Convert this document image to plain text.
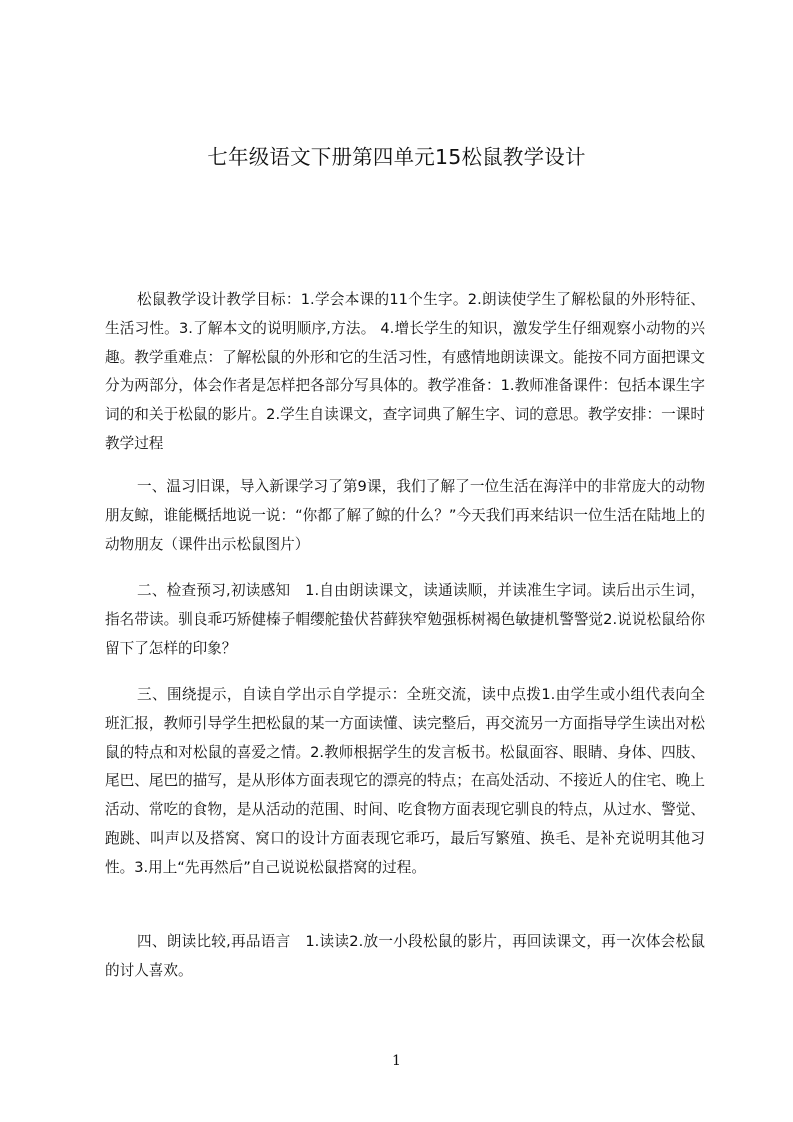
七年级语文下册第四单元15松鼠教学设计

松鼠教学设计教学目标：1.学会本课的11个生字。2.朗读使学生了解松鼠的外形特征、生活习性。3.了解本文的说明顺序,方法。 4.增长学生的知识，激发学生仔细观察小动物的兴趣。教学重难点：了解松鼠的外形和它的生活习性，有感情地朗读课文。能按不同方面把课文分为两部分，体会作者是怎样把各部分写具体的。教学准备：1.教师准备课件：包括本课生字词的和关于松鼠的影片。2.学生自读课文，查字词典了解生字、词的意思。教学安排：一课时教学过程

一、温习旧课，导入新课学习了第9课，我们了解了一位生活在海洋中的非常庞大的动物朋友鲸，谁能概括地说一说：“你都了解了鲸的什么？”今天我们再来结识一位生活在陆地上的动物朋友（课件出示松鼠图片）

二、检查预习,初读感知　1.自由朗读课文，读通读顺，并读准生字词。读后出示生词，指名带读。驯良乖巧矫健榛子帽缨舵蛰伏苔藓狭窄勉强栎树褐色敏捷机警警觉2.说说松鼠给你留下了怎样的印象？

三、围绕提示，自读自学出示自学提示：全班交流，读中点拨1.由学生或小组代表向全班汇报，教师引导学生把松鼠的某一方面读懂、读完整后，再交流另一方面指导学生读出对松鼠的特点和对松鼠的喜爱之情。2.教师根据学生的发言板书。松鼠面容、眼睛、身体、四肢、尾巴、尾巴的描写，是从形体方面表现它的漂亮的特点；在高处活动、不接近人的住宅、晚上活动、常吃的食物，是从活动的范围、时间、吃食物方面表现它驯良的特点，从过水、警觉、跑跳、叫声以及搭窝、窝口的设计方面表现它乖巧，最后写繁殖、换毛、是补充说明其他习性。3.用上“先再然后”自己说说松鼠搭窝的过程。

四、朗读比较,再品语言　1.读读2.放一小段松鼠的影片，再回读课文，再一次体会松鼠的讨人喜欢。

1
